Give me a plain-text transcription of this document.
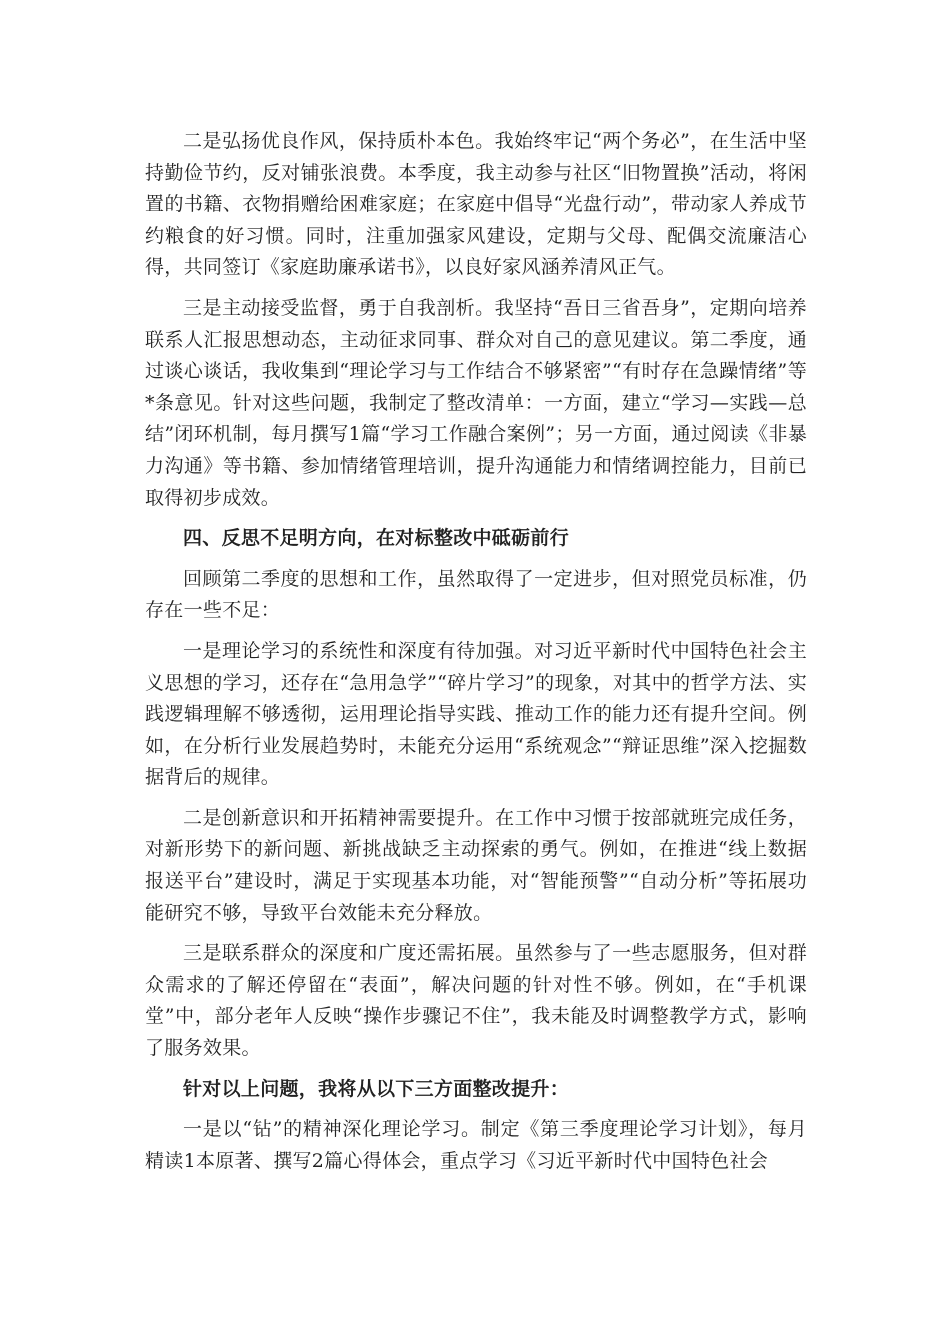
二是弘扬优良作风，保持质朴本色。我始终牢记“两个务必”，在生活中坚持勤俭节约，反对铺张浪费。本季度，我主动参与社区“旧物置换”活动，将闲置的书籍、衣物捐赠给困难家庭；在家庭中倡导“光盘行动”，带动家人养成节约粮食的好习惯。同时，注重加强家风建设，定期与父母、配偶交流廉洁心得，共同签订《家庭助廉承诺书》，以良好家风涵养清风正气。

三是主动接受监督，勇于自我剖析。我坚持“吾日三省吾身”，定期向培养联系人汇报思想动态，主动征求同事、群众对自己的意见建议。第二季度，通过谈心谈话，我收集到“理论学习与工作结合不够紧密”“有时存在急躁情绪”等*条意见。针对这些问题，我制定了整改清单：一方面，建立“学习—实践—总结”闭环机制，每月撰写1篇“学习工作融合案例”；另一方面，通过阅读《非暴力沟通》等书籍、参加情绪管理培训，提升沟通能力和情绪调控能力，目前已取得初步成效。

四、反思不足明方向，在对标整改中砥砺前行

回顾第二季度的思想和工作，虽然取得了一定进步，但对照党员标准，仍存在一些不足：

一是理论学习的系统性和深度有待加强。对习近平新时代中国特色社会主义思想的学习，还存在“急用急学”“碎片学习”的现象，对其中的哲学方法、实践逻辑理解不够透彻，运用理论指导实践、推动工作的能力还有提升空间。例如，在分析行业发展趋势时，未能充分运用“系统观念”“辩证思维”深入挖掘数据背后的规律。

二是创新意识和开拓精神需要提升。在工作中习惯于按部就班完成任务，对新形势下的新问题、新挑战缺乏主动探索的勇气。例如，在推进“线上数据报送平台”建设时，满足于实现基本功能，对“智能预警”“自动分析”等拓展功能研究不够，导致平台效能未充分释放。

三是联系群众的深度和广度还需拓展。虽然参与了一些志愿服务，但对群众需求的了解还停留在“表面”，解决问题的针对性不够。例如，在“手机课堂”中，部分老年人反映“操作步骤记不住”，我未能及时调整教学方式，影响了服务效果。

针对以上问题，我将从以下三方面整改提升：

一是以“钻”的精神深化理论学习。制定《第三季度理论学习计划》，每月精读1本原著、撰写2篇心得体会，重点学习《习近平新时代中国特色社会
